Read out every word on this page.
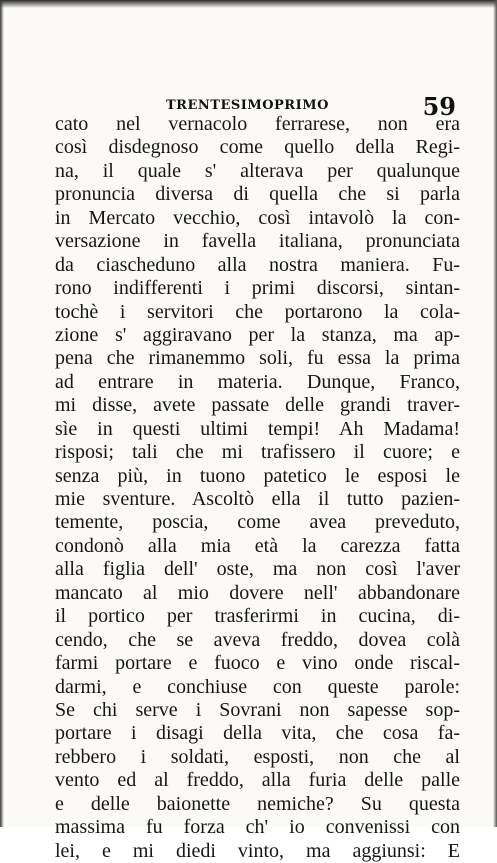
TRENTESIMOPRIMO	59
cato nel vernacolo ferrarese, non era
così disdegnoso come quello della Regi-
na, il quale s' alterava per qualunque
pronuncia diversa di quella che si parla
in Mercato vecchio, così intavolò la con-
versazione in favella italiana, pronunciata
da ciascheduno alla nostra maniera. Fu-
rono indifferenti i primi discorsi, sintan-
tochè i servitori che portarono la cola-
zione s' aggiravano per la stanza, ma ap-
pena che rimanemmo soli, fu essa la prima
ad entrare in materia. Dunque, Franco,
mi disse, avete passate delle grandi traver-
sìe in questi ultimi tempi! Ah Madama!
risposi; tali che mi trafissero il cuore; e
senza più, in tuono patetico le esposi le
mie sventure. Ascoltò ella il tutto pazien-
temente, poscia, come avea preveduto,
condonò alla mia età la carezza fatta
alla figlia dell' oste, ma non così l'aver
mancato al mio dovere nell' abbandonare
il portico per trasferirmi in cucina, di-
cendo, che se aveva freddo, dovea colà
farmi portare e fuoco e vino onde riscal-
darmi, e conchiuse con queste parole:
Se chi serve i Sovrani non sapesse sop-
portare i disagi della vita, che cosa fa-
rebbero i soldati, esposti, non che al
vento ed al freddo, alla furia delle palle
e delle baionette nemiche? Su questa
massima fu forza ch' io convenissi con
lei, e mi diedi vinto, ma aggiunsi: E
